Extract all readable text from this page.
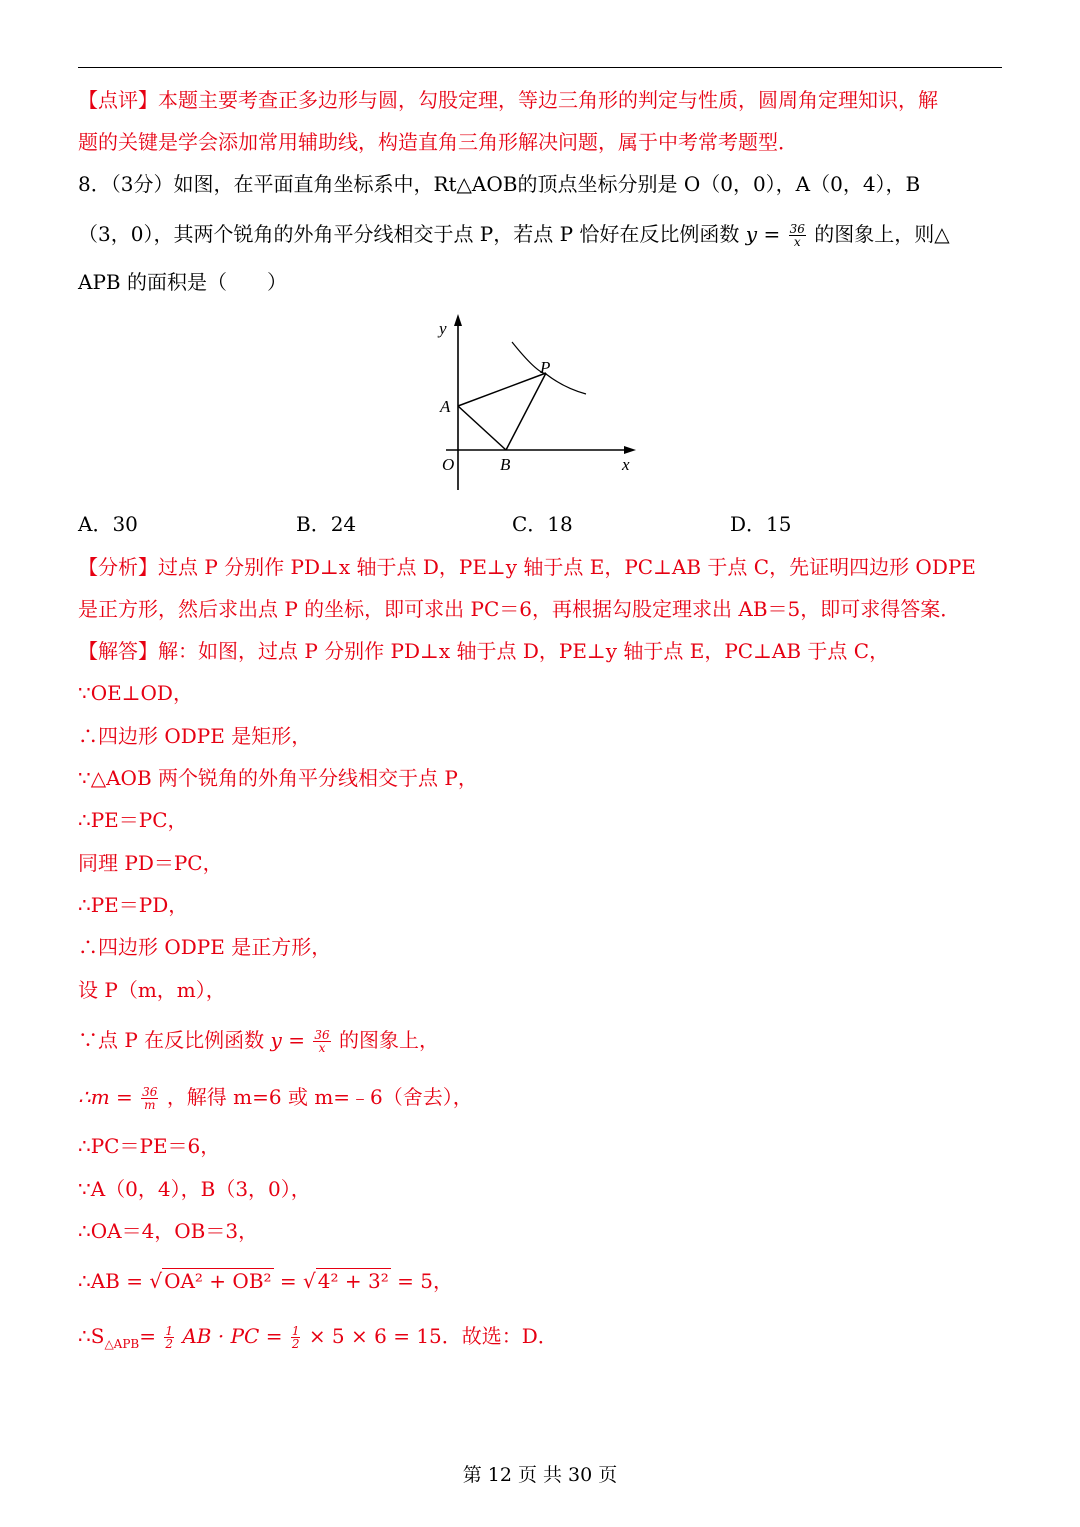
【点评】本题主要考查正多边形与圆，勾股定理，等边三角形的判定与性质，圆周角定理知识，解
题的关键是学会添加常用辅助线，构造直角三角形解决问题，属于中考常考题型．
8．（3分）如图，在平面直角坐标系中，Rt△AOB的顶点坐标分别是 O（0，0），A（0，4），B
（3，0），其两个锐角的外角平分线相交于点 P，若点 P 恰好在反比例函数 $y = \frac{36}{x}$ 的图象上，则△
APB 的面积是（　　）
y
x
O
A
B
P
A．30	B．24	C．18	D．15
【分析】过点 P 分别作 PD⊥x 轴于点 D，PE⊥y 轴于点 E，PC⊥AB 于点 C，先证明四边形 ODPE
是正方形，然后求出点 P 的坐标，即可求出 PC＝6，再根据勾股定理求出 AB＝5，即可求得答案．
【解答】解：如图，过点 P 分别作 PD⊥x 轴于点 D，PE⊥y 轴于点 E，PC⊥AB 于点 C，
∵OE⊥OD，
∴四边形 ODPE 是矩形，
∵△AOB 两个锐角的外角平分线相交于点 P，
∴PE＝PC，
同理 PD＝PC，
∴PE＝PD，
∴四边形 ODPE 是正方形，
设 P（m，m），
∵点 P 在反比例函数 $y = \frac{36}{x}$ 的图象上，
∴m = $\frac{36}{m}$ ，解得 m=6 或 m=﹣6（舍去），
∴PC＝PE＝6，
∵A（0，4），B（3，0），
∴OA＝4，OB＝3，
∴AB = √ OA² + OB² = √ 4² + 3² = 5，
$\therefore S_{\triangle APB}= \frac{1}{2}$ AB · PC = $\frac{1}{2} \times 5 \times 6 = 15$．故选：D．
第 12 页 共 30 页
